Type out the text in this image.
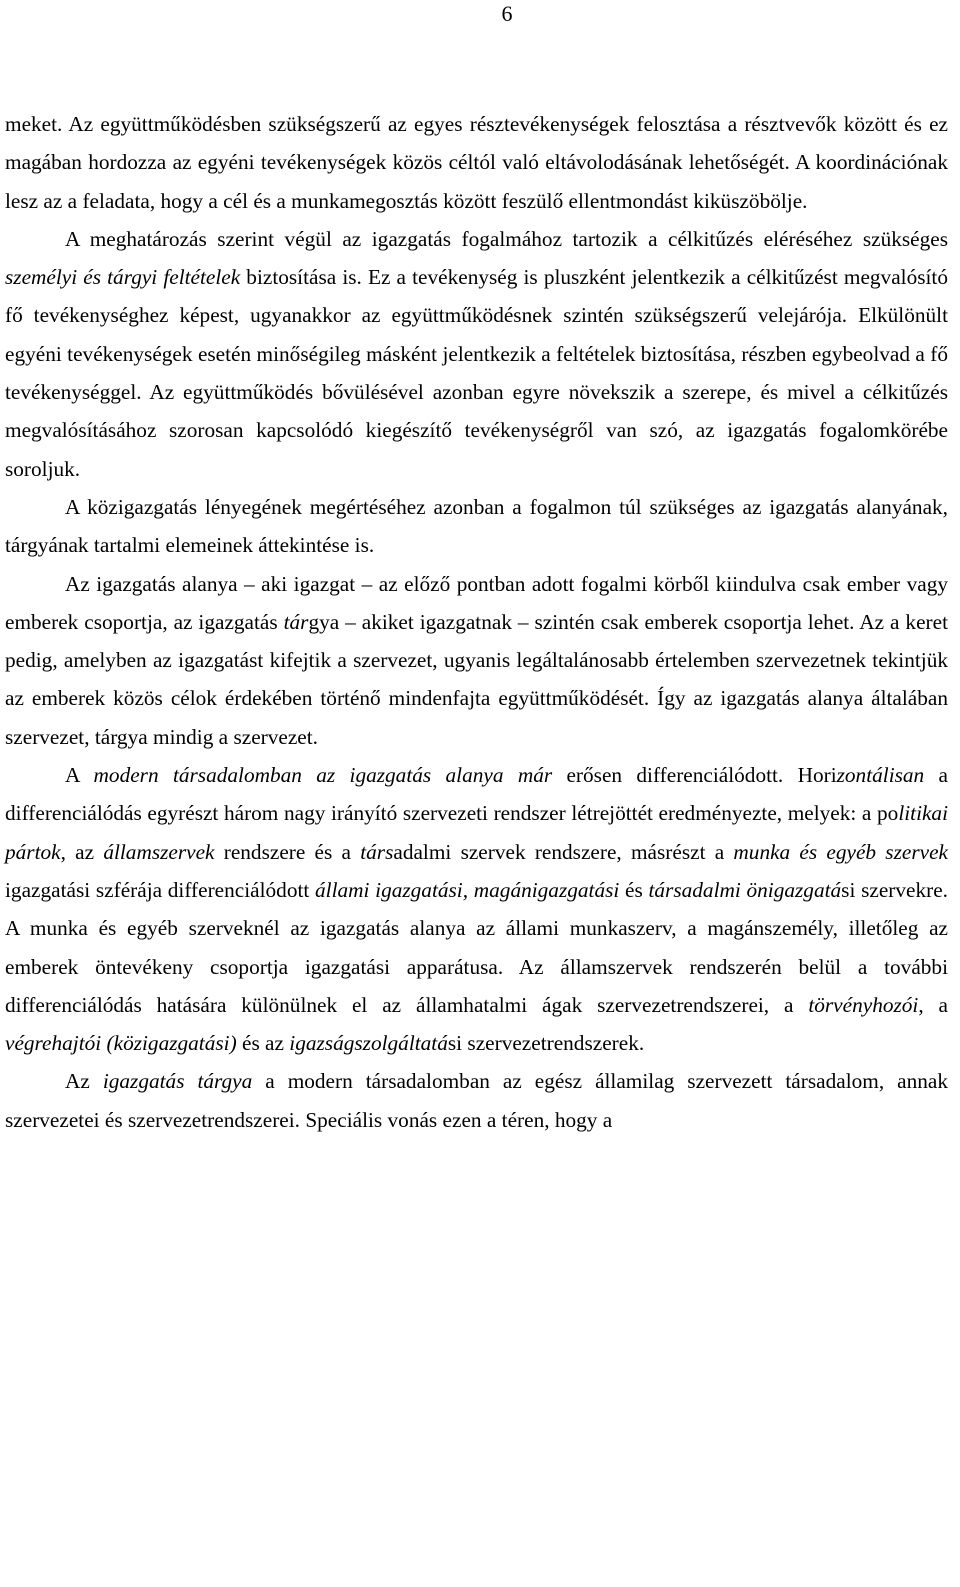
6

meket. Az együttműködésben szükségszerű az egyes résztevékenységek felosztása a résztvevők között és ez magában hordozza az egyéni tevékenységek közös céltól való eltávolodásának lehetőségét. A koordinációnak lesz az a feladata, hogy a cél és a munkamegosztás között feszülő ellentmondást kiküszöbölje.

A meghatározás szerint végül az igazgatás fogalmához tartozik a célkitűzés eléréséhez szükséges személyi és tárgyi feltételek biztosítása is. Ez a tevékenység is pluszként jelentkezik a célkitűzést megvalósító fő tevékenységhez képest, ugyanakkor az együttműködésnek szintén szükségszerű velejárója. Elkülönült egyéni tevékenységek esetén minőségileg másként jelentkezik a feltételek biztosítása, részben egybeolvad a fő tevékenységgel. Az együttműködés bővülésével azonban egyre növekszik a szerepe, és mivel a célkitűzés megvalósításához szorosan kapcsolódó kiegészítő tevékenységről van szó, az igazgatás fogalomkörébe soroljuk.

A közigazgatás lényegének megértéséhez azonban a fogalmon túl szükséges az igazgatás alanyának, tárgyának tartalmi elemeinek áttekintése is.

Az igazgatás alanya – aki igazgat – az előző pontban adott fogalmi körből kiindulva csak ember vagy emberek csoportja, az igazgatás tárgya – akiket igazgatnak – szintén csak emberek csoportja lehet. Az a keret pedig, amelyben az igazgatást kifejtik a szervezet, ugyanis legáltalánosabb értelemben szervezetnek tekintjük az emberek közös célok érdekében történő mindenfajta együttműködését. Így az igazgatás alanya általában szervezet, tárgya mindig a szervezet.

A modern társadalomban az igazgatás alanya már erősen differenciálódott. Horizontálisan a differenciálódás egyrészt három nagy irányító szervezeti rendszer létrejöttét eredményezte, melyek: a politikai pártok, az államszervek rendszere és a társadalmi szervek rendszere, másrészt a munka és egyéb szervek igazgatási szférája differenciálódott állami igazgatási, magánigazgatási és társadalmi önigazgatási szervekre. A munka és egyéb szerveknél az igazgatás alanya az állami munkaszerv, a magánszemély, illetőleg az emberek öntevékeny csoportja igazgatási apparátusa. Az államszervek rendszerén belül a további differenciálódás hatására különülnek el az államhatalmi ágak szervezetrendszerei, a törvényhozói, a végrehajtói (közigazgatási) és az igazságszolgáltatási szervezetrendszerek.

Az igazgatás tárgya a modern társadalomban az egész államilag szervezett társadalom, annak szervezetei és szervezetrendszerei. Speciális vonás ezen a téren, hogy a
